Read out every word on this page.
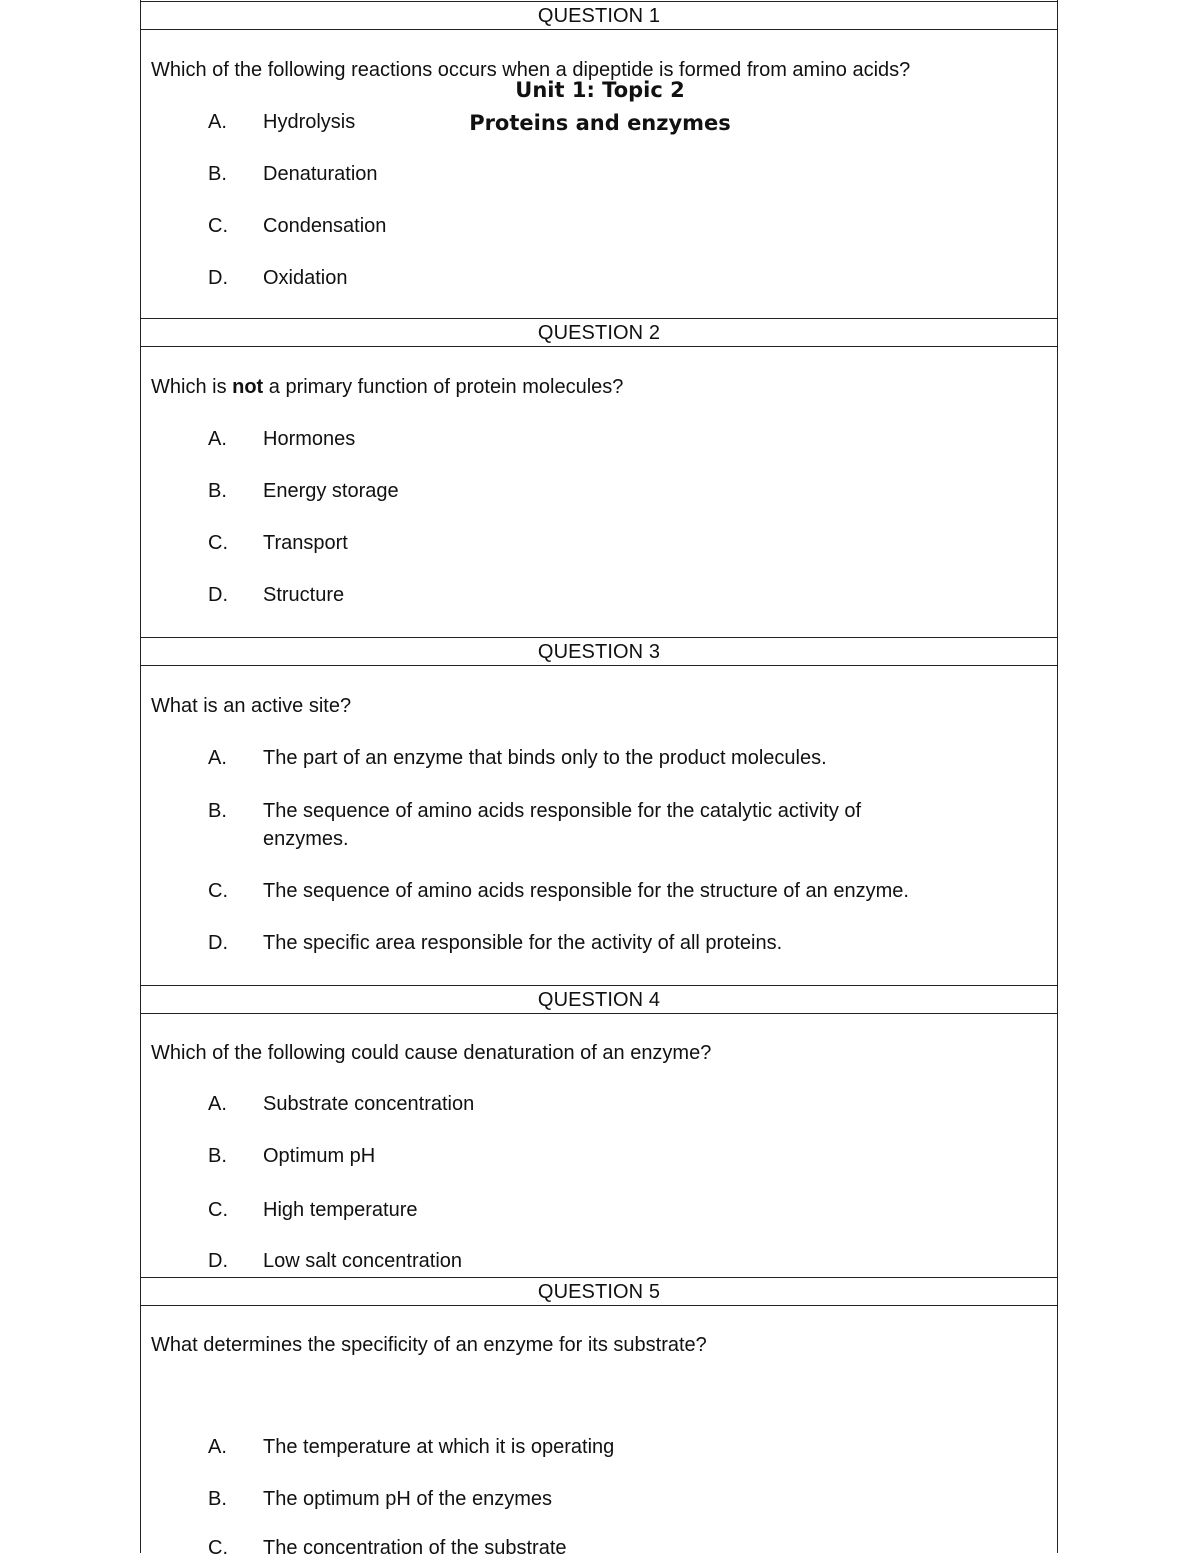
QUESTION 1
Which of the following reactions occurs when a dipeptide is formed from amino acids?
A. Hydrolysis
B. Denaturation
C. Condensation
D. Oxidation
QUESTION 2
Which is not a primary function of protein molecules?
A. Hormones
B. Energy storage
C. Transport
D. Structure
QUESTION 3
What is an active site?
A. The part of an enzyme that binds only to the product molecules.
B. The sequence of amino acids responsible for the catalytic activity of enzymes.
C. The sequence of amino acids responsible for the structure of an enzyme.
D. The specific area responsible for the activity of all proteins.
QUESTION 4
Which of the following could cause denaturation of an enzyme?
A. Substrate concentration
B. Optimum pH
C. High temperature
D. Low salt concentration
QUESTION 5
What determines the specificity of an enzyme for its substrate?
A. The temperature at which it is operating
B. The optimum pH of the enzymes
C. The concentration of the substrate
Unit 1: Topic 2
Proteins and enzymes
